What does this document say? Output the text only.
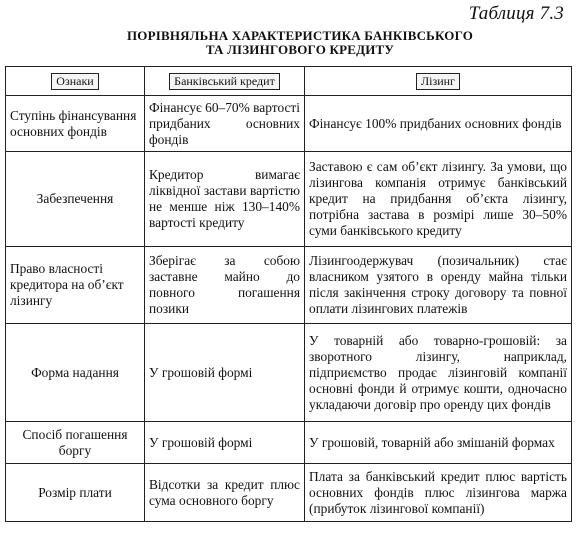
Таблиця 7.3
ПОРІВНЯЛЬНА ХАРАКТЕРИСТИКА БАНКІВСЬКОГО
ТА ЛІЗИНГОВОГО КРЕДИТУ
Ознаки	Банківський кредит	Лізинг
Ступінь фінансування основних фондів	Фінансує 60–70% вартості придбаних основних фондів	Фінансує 100% придбаних основних фондів
Забезпечення	Кредитор вимагає ліквідної застави вартістю не менше ніж 130–140% вартості кредиту	Заставою є сам об’єкт лізингу. За умови, що лізингова компанія отримує банківський кредит на придбання об’єкта лізингу, потрібна застава в розмірі лише 30–50% суми банківського кредиту
Право власності кредитора на об’єкт лізингу	Зберігає за собою заставне майно до повного погашення позики	Лізингоодержувач (позичальник) стає власником узятого в оренду майна тільки після закінчення строку договору та повної оплати лізингових платежів
Форма надання	У грошовій формі	У товарній або товарно-грошовій: за зворотного лізингу, наприклад, підприємство продає лізинговій компанії основні фонди й отримує кошти, одночасно укладаючи договір про оренду цих фондів
Спосіб погашення боргу	У грошовій формі	У грошовій, товарній або змішаній формах
Розмір плати	Відсотки за кредит плюс сума основного боргу	Плата за банківський кредит плюс вартість основних фондів плюс лізингова маржа (прибуток лізингової компанії)
